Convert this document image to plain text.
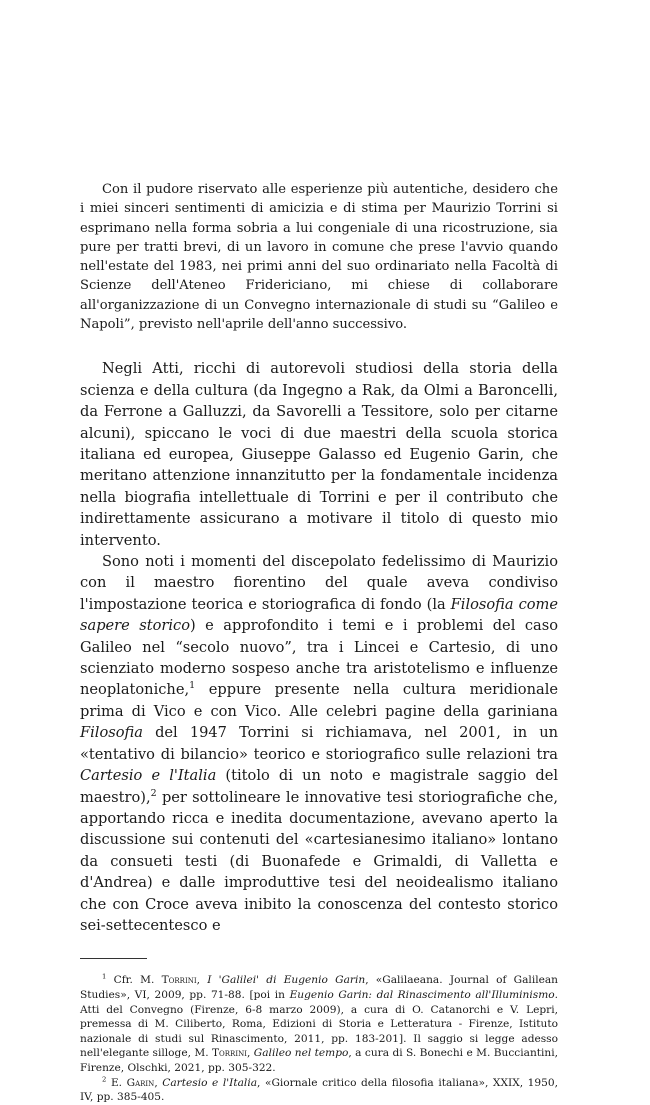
Con il pudore riservato alle esperienze più autentiche, desidero che i miei sinceri sentimenti di amicizia e di stima per Maurizio Torrini si esprimano nella forma sobria a lui congeniale di una ricostruzione, sia pure per tratti brevi, di un lavoro in comune che prese l'avvio quando nell'estate del 1983, nei primi anni del suo ordinariato nella Facoltà di Scienze dell'Ateneo Fridericiano, mi chiese di collaborare all'organizzazione di un Convegno internazionale di studi su “Galileo e Napoli”, previsto nell'aprile dell'anno successivo.

Negli Atti, ricchi di autorevoli studiosi della storia della scienza e della cultura (da Ingegno a Rak, da Olmi a Baroncelli, da Ferrone a Galluzzi, da Savorelli a Tessitore, solo per citarne alcuni), spiccano le voci di due maestri della scuola storica italiana ed europea, Giuseppe Galasso ed Eugenio Garin, che meritano attenzione innanzitutto per la fondamentale incidenza nella biografia intellettuale di Torrini e per il contributo che indirettamente assicurano a motivare il titolo di questo mio intervento.

Sono noti i momenti del discepolato fedelissimo di Maurizio con il maestro fiorentino del quale aveva condiviso l'impostazione teorica e storiografica di fondo (la Filosofia come sapere storico) e approfondito i temi e i problemi del caso Galileo nel “secolo nuovo”, tra i Lincei e Cartesio, di uno scienziato moderno sospeso anche tra aristotelismo e influenze neoplatoniche,$^1$ eppure presente nella cultura meridionale prima di Vico e con Vico. Alle celebri pagine della gariniana Filosofia del 1947 Torrini si richiamava, nel 2001, in un «tentativo di bilancio» teorico e storiografico sulle relazioni tra Cartesio e l'Italia (titolo di un noto e magistrale saggio del maestro),$^2$ per sottolineare le innovative tesi storiografiche che, apportando ricca e inedita documentazione, avevano aperto la discussione sui contenuti del «cartesianesimo italiano» lontano da consueti testi (di Buonafede e Grimaldi, di Valletta e d'Andrea) e dalle improduttive tesi del neoidealismo italiano che con Croce aveva inibito la conoscenza del contesto storico sei-settecentesco e

$^1$ Cfr. M. Torrini, I 'Galilei' di Eugenio Garin, «Galilaeana. Journal of Galilean Studies», VI, 2009, pp. 71-88. [poi in Eugenio Garin: dal Rinascimento all'Illuminismo. Atti del Convegno (Firenze, 6-8 marzo 2009), a cura di O. Catanorchi e V. Lepri, premessa di M. Ciliberto, Roma, Edizioni di Storia e Letteratura - Firenze, Istituto nazionale di studi sul Rinascimento, 2011, pp. 183-201]. Il saggio si legge adesso nell'elegante silloge, M. Torrini, Galileo nel tempo, a cura di S. Bonechi e M. Bucciantini, Firenze, Olschki, 2021, pp. 305-322.

$^2$ E. Garin, Cartesio e l'Italia, «Giornale critico della filosofia italiana», XXIX, 1950, IV, pp. 385-405.
